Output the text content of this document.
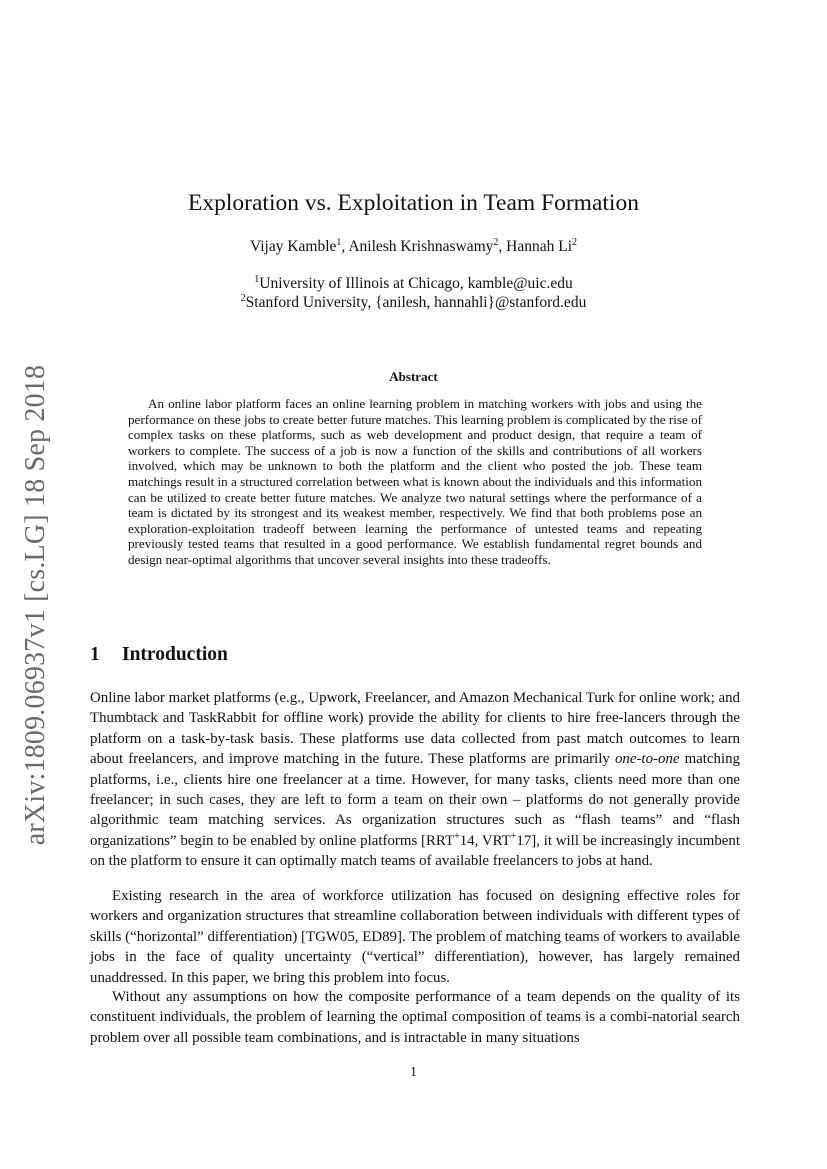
arXiv:1809.06937v1 [cs.LG] 18 Sep 2018
Exploration vs. Exploitation in Team Formation
Vijay Kamble$^1$, Anilesh Krishnaswamy$^2$, Hannah Li$^2$
$^1$University of Illinois at Chicago, kamble@uic.edu
$^2$Stanford University, {anilesh, hannahli}@stanford.edu
Abstract

An online labor platform faces an online learning problem in matching workers with jobs and using the performance on these jobs to create better future matches. This learning problem is complicated by the rise of complex tasks on these platforms, such as web development and product design, that require a team of workers to complete. The success of a job is now a function of the skills and contributions of all workers involved, which may be unknown to both the platform and the client who posted the job. These team matchings result in a structured correlation between what is known about the individuals and this information can be utilized to create better future matches. We analyze two natural settings where the performance of a team is dictated by its strongest and its weakest member, respectively. We find that both problems pose an exploration-exploitation tradeoff between learning the performance of untested teams and repeating previously tested teams that resulted in a good performance. We establish fundamental regret bounds and design near-optimal algorithms that uncover several insights into these tradeoffs.

1 Introduction

Online labor market platforms (e.g., Upwork, Freelancer, and Amazon Mechanical Turk for online work; and Thumbtack and TaskRabbit for offline work) provide the ability for clients to hire free-lancers through the platform on a task-by-task basis. These platforms use data collected from past match outcomes to learn about freelancers, and improve matching in the future. These platforms are primarily one-to-one matching platforms, i.e., clients hire one freelancer at a time. However, for many tasks, clients need more than one freelancer; in such cases, they are left to form a team on their own – platforms do not generally provide algorithmic team matching services. As organization structures such as “flash teams” and “flash organizations” begin to be enabled by online platforms [RRT+14, VRT+17], it will be increasingly incumbent on the platform to ensure it can optimally match teams of available freelancers to jobs at hand.

Existing research in the area of workforce utilization has focused on designing effective roles for workers and organization structures that streamline collaboration between individuals with different types of skills (“horizontal” differentiation) [TGW05, ED89]. The problem of matching teams of workers to available jobs in the face of quality uncertainty (“vertical” differentiation), however, has largely remained unaddressed. In this paper, we bring this problem into focus.

Without any assumptions on how the composite performance of a team depends on the quality of its constituent individuals, the problem of learning the optimal composition of teams is a combi-natorial search problem over all possible team combinations, and is intractable in many situations

1
